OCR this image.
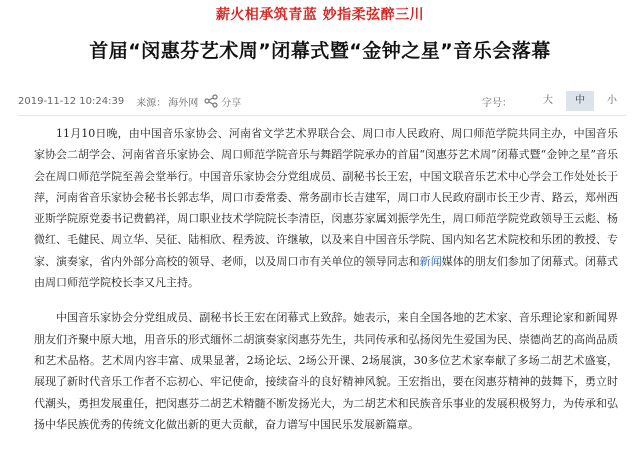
薪火相承筑青蓝 妙指柔弦醉三川
首届“闵惠芬艺术周”闭幕式暨“金钟之星”音乐会落幕
2019-11-12 10:24:39 来源： 海外网 分享	字号：	大	中	小

11月10日晚，由中国音乐家协会、河南省文学艺术界联合会、周口市人民政府、周口师范学院共同主办，中国音乐家协会二胡学会、河南省音乐家协会、周口师范学院音乐与舞蹈学院承办的首届“闵惠芬艺术周”闭幕式暨“金钟之星”音乐会在周口师范学院至善会堂举行。中国音乐家协会分党组成员、副秘书长王宏，中国文联音乐艺术中心学会工作处处长于萍，河南省音乐家协会秘书长郭志华，周口市委常委、常务副市长吉建军，周口市人民政府副市长王少青、路云，郑州西亚斯学院原党委书记费鹤祥，周口职业技术学院院长李清臣，闵惠芬家属刘振学先生，周口师范学院党政领导王云彪、杨微红、毛健民、周立华、吴征、陆相欣、程秀波、许继敏，以及来自中国音乐学院、国内知名艺术院校和乐团的教授、专家、演奏家，省内外部分高校的领导、老师，以及周口市有关单位的领导同志和新闻媒体的朋友们参加了闭幕式。闭幕式由周口师范学院校长李又凡主持。

中国音乐家协会分党组成员、副秘书长王宏在闭幕式上致辞。她表示，来自全国各地的艺术家、音乐理论家和新闻界朋友们齐聚中原大地，用音乐的形式缅怀二胡演奏家闵惠芬先生，共同传承和弘扬闵先生爱国为民、崇德尚艺的高尚品质和艺术品格。艺术周内容丰富、成果显著，2场论坛、2场公开课、2场展演，30多位艺术家奉献了多场二胡艺术盛宴，展现了新时代音乐工作者不忘初心、牢记使命，接续奋斗的良好精神风貌。王宏指出，要在闵惠芬精神的鼓舞下，勇立时代潮头，勇担发展重任，把闵惠芬二胡艺术精髓不断发扬光大，为二胡艺术和民族音乐事业的发展积极努力，为传承和弘扬中华民族优秀的传统文化做出新的更大贡献，奋力谱写中国民乐发展新篇章。
